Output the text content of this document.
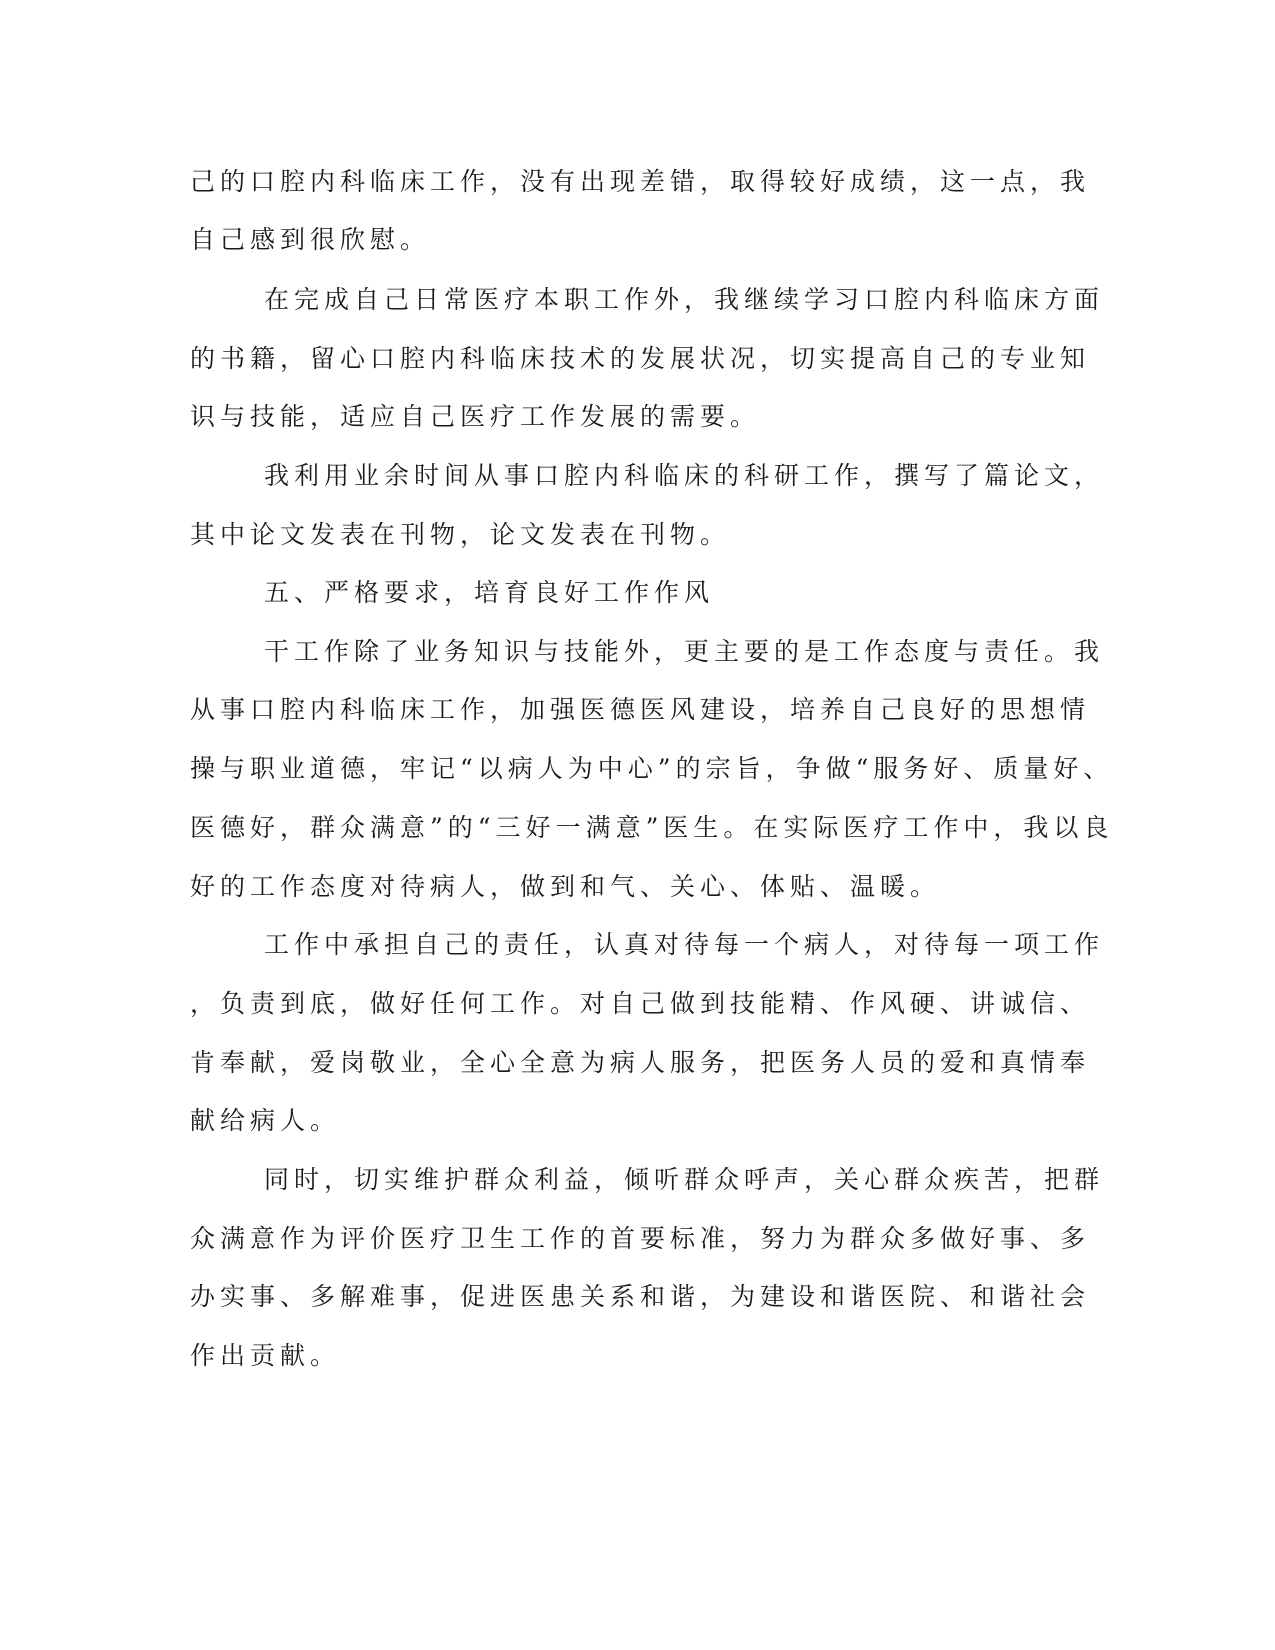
己的口腔内科临床工作，没有出现差错，取得较好成绩，这一点，我
自己感到很欣慰。
在完成自己日常医疗本职工作外，我继续学习口腔内科临床方面
的书籍，留心口腔内科临床技术的发展状况，切实提高自己的专业知
识与技能，适应自己医疗工作发展的需要。
我利用业余时间从事口腔内科临床的科研工作，撰写了篇论文，
其中论文发表在刊物，论文发表在刊物。
五、严格要求，培育良好工作作风
干工作除了业务知识与技能外，更主要的是工作态度与责任。我
从事口腔内科临床工作，加强医德医风建设，培养自己良好的思想情
操与职业道德，牢记“以病人为中心”的宗旨，争做“服务好、质量好、
医德好，群众满意”的“三好一满意”医生。在实际医疗工作中，我以良
好的工作态度对待病人，做到和气、关心、体贴、温暖。
工作中承担自己的责任，认真对待每一个病人，对待每一项工作
，负责到底，做好任何工作。对自己做到技能精、作风硬、讲诚信、
肯奉献，爱岗敬业，全心全意为病人服务，把医务人员的爱和真情奉
献给病人。
同时，切实维护群众利益，倾听群众呼声，关心群众疾苦，把群
众满意作为评价医疗卫生工作的首要标准，努力为群众多做好事、多
办实事、多解难事，促进医患关系和谐，为建设和谐医院、和谐社会
作出贡献。
